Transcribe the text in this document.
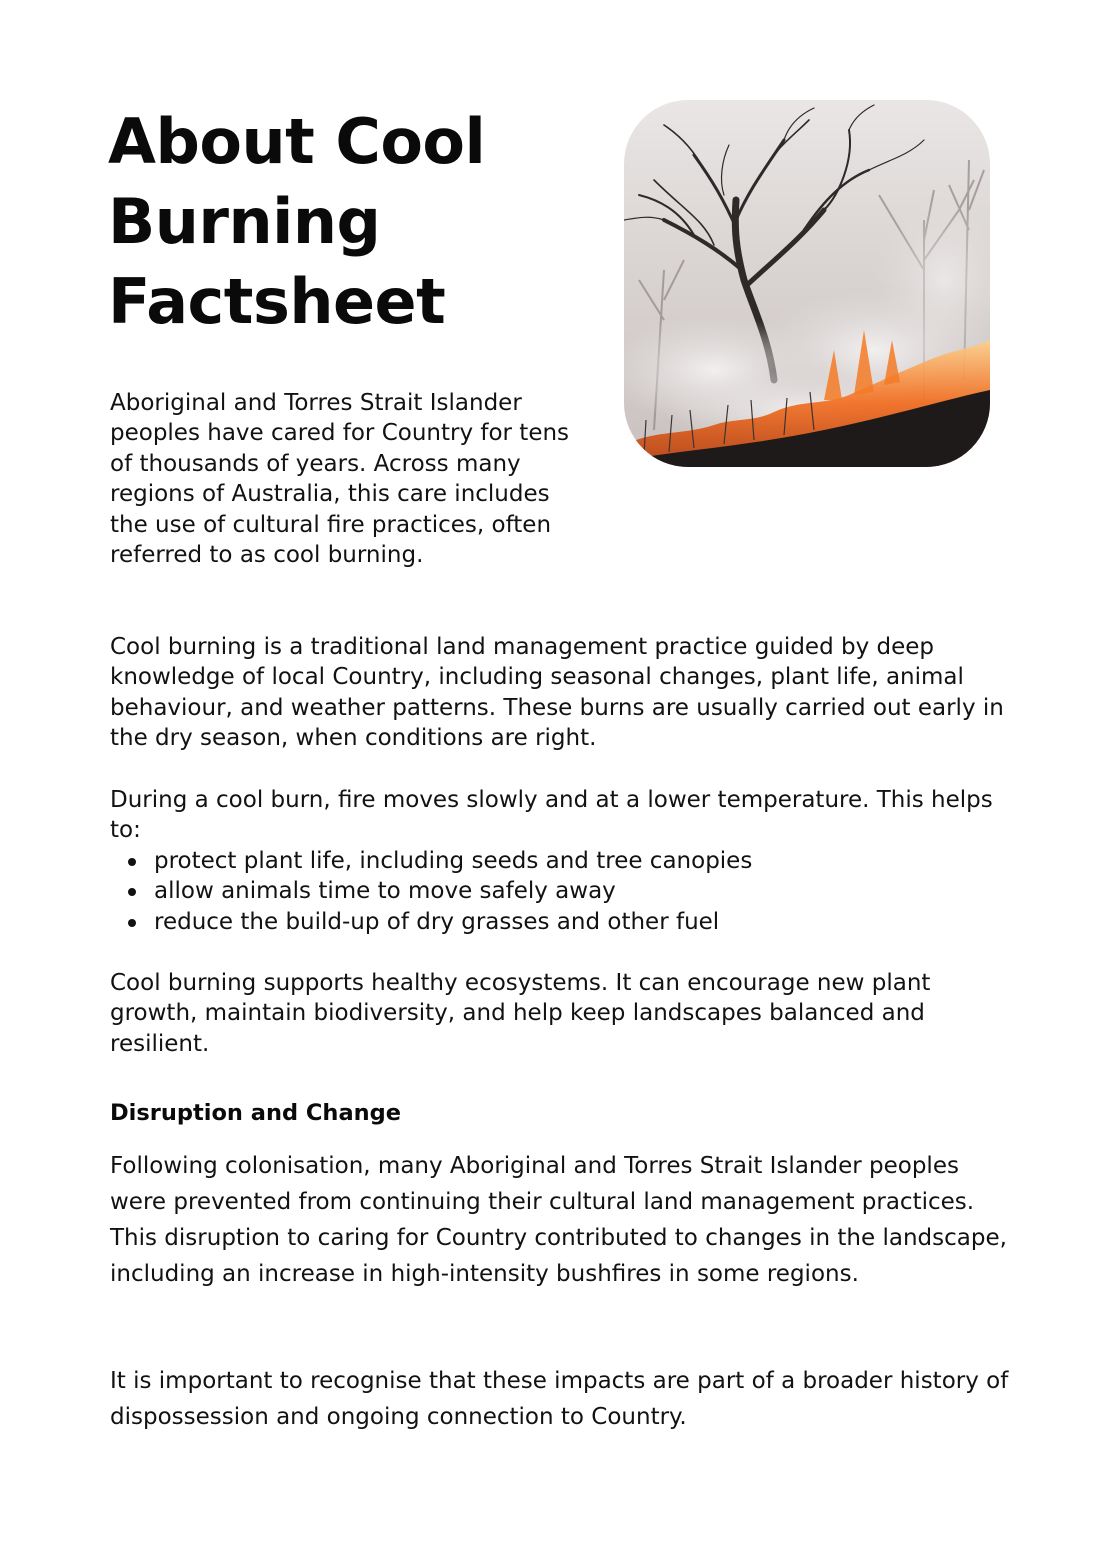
About Cool
Burning
Factsheet

Aboriginal and Torres Strait Islander peoples have cared for Country for tens of thousands of years. Across many regions of Australia, this care includes the use of cultural fire practices, often referred to as cool burning.

Cool burning is a traditional land management practice guided by deep knowledge of local Country, including seasonal changes, plant life, animal behaviour, and weather patterns. These burns are usually carried out early in the dry season, when conditions are right.

During a cool burn, fire moves slowly and at a lower temperature. This helps to:

protect plant life, including seeds and tree canopies
allow animals time to move safely away
reduce the build-up of dry grasses and other fuel

Cool burning supports healthy ecosystems. It can encourage new plant growth, maintain biodiversity, and help keep landscapes balanced and resilient.

Disruption and Change

Following colonisation, many Aboriginal and Torres Strait Islander peoples were prevented from continuing their cultural land management practices. This disruption to caring for Country contributed to changes in the landscape, including an increase in high-intensity bushfires in some regions.

It is important to recognise that these impacts are part of a broader history of dispossession and ongoing connection to Country.
